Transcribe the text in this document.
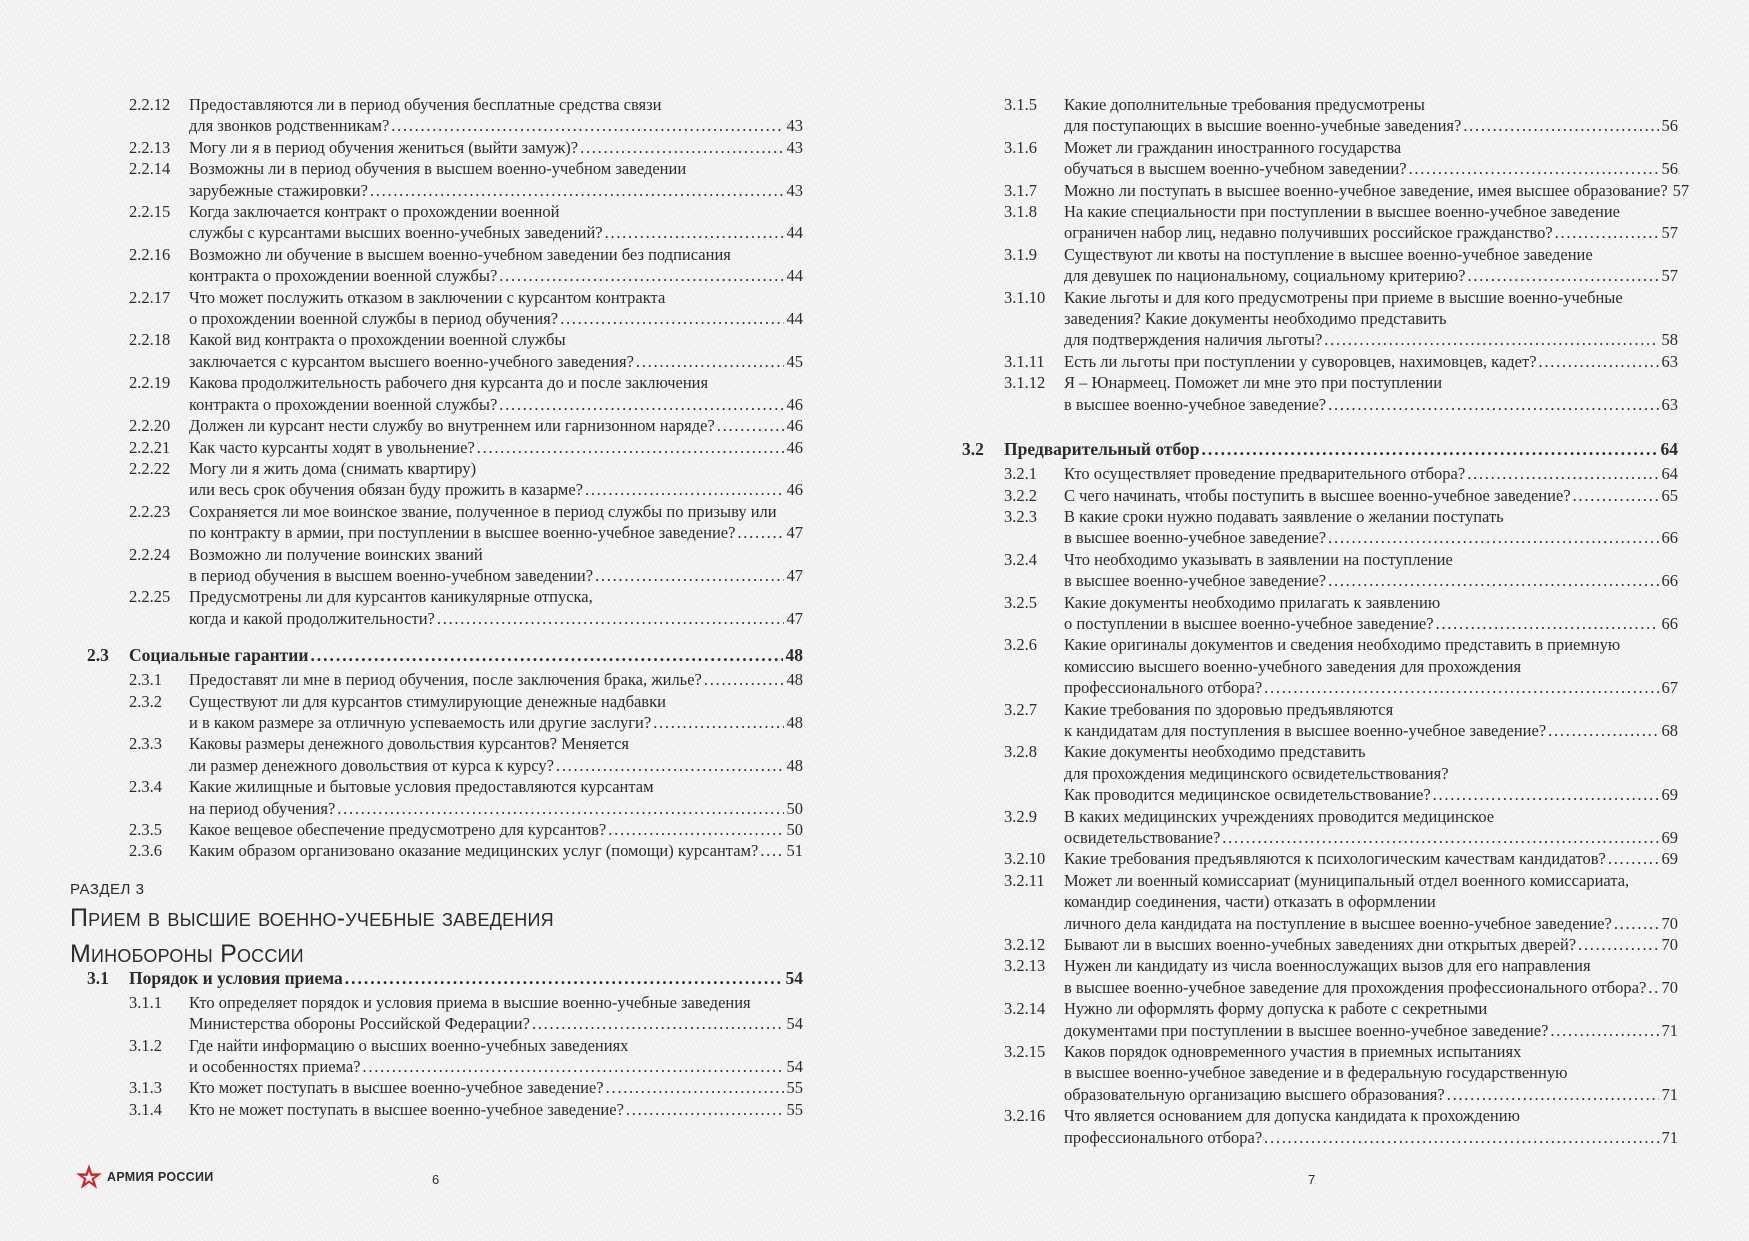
2.2.12	Предоставляются ли в период обучения бесплатные средства связи
для звонков родственникам? . . .	43
2.2.13	Могу ли я в период обучения жениться (выйти замуж)? . . .	43
2.2.14	Возможны ли в период обучения в высшем военно-учебном заведении
зарубежные стажировки? . . .	43
2.2.15	Когда заключается контракт о прохождении военной
службы с курсантами высших военно-учебных заведений? . . .	44
2.2.16	Возможно ли обучение в высшем военно-учебном заведении без подписания
контракта о прохождении военной службы? . . .	44
2.2.17	Что может послужить отказом в заключении с курсантом контракта
о прохождении военной службы в период обучения? . . .	44
2.2.18	Какой вид контракта о прохождении военной службы
заключается с курсантом высшего военно-учебного заведения? . . .	45
2.2.19	Какова продолжительность рабочего дня курсанта до и после заключения
контракта о прохождении военной службы? . . .	46
2.2.20	Должен ли курсант нести службу во внутреннем или гарнизонном наряде? . . .	46
2.2.21	Как часто курсанты ходят в увольнение? . . .	46
2.2.22	Могу ли я жить дома (снимать квартиру)
или весь срок обучения обязан буду прожить в казарме? . . .	46
2.2.23	Сохраняется ли мое воинское звание, полученное в период службы по призыву или
по контракту в армии, при поступлении в высшее военно-учебное заведение? . . .	47
2.2.24	Возможно ли получение воинских званий
в период обучения в высшем военно-учебном заведении? . . .	47
2.2.25	Предусмотрены ли для курсантов каникулярные отпуска,
когда и какой продолжительности? . . .	47
2.3	Социальные гарантии . . .	48
2.3.1	Предоставят ли мне в период обучения, после заключения брака, жилье? . . .	48
2.3.2	Существуют ли для курсантов стимулирующие денежные надбавки
и в каком размере за отличную успеваемость или другие заслуги? . . .	48
2.3.3	Каковы размеры денежного довольствия курсантов? Меняется
ли размер денежного довольствия от курса к курсу? . . .	48
2.3.4	Какие жилищные и бытовые условия предоставляются курсантам
на период обучения? . . .	50
2.3.5	Какое вещевое обеспечение предусмотрено для курсантов? . . .	50
2.3.6	Каким образом организовано оказание медицинских услуг (помощи) курсантам? . . . 51
РАЗДЕЛ 3
Прием в высшие военно-учебные заведения
Минобороны России
3.1	Порядок и условия приема . . .	54
3.1.1	Кто определяет порядок и условия приема в высшие военно-учебные заведения
Министерства обороны Российской Федерации? . . .	54
3.1.2	Где найти информацию о высших военно-учебных заведениях
и особенностях приема? . . .	54
3.1.3	Кто может поступать в высшее военно-учебное заведение? . . .	55
3.1.4	Кто не может поступать в высшее военно-учебное заведение? . . .	55
3.1.5	Какие дополнительные требования предусмотрены
для поступающих в высшие военно-учебные заведения? . . .	56
3.1.6	Может ли гражданин иностранного государства
обучаться в высшем военно-учебном заведении? . . .	56
3.1.7	Можно ли поступать в высшее военно-учебное заведение, имея высшее образование? 57
3.1.8	На какие специальности при поступлении в высшее военно-учебное заведение
ограничен набор лиц, недавно получивших российское гражданство? . . .	57
3.1.9	Существуют ли квоты на поступление в высшее военно-учебное заведение
для девушек по национальному, социальному критерию? . . .	57
3.1.10	Какие льготы и для кого предусмотрены при приеме в высшие военно-учебные
заведения? Какие документы необходимо представить
для подтверждения наличия льготы? . . .	58
3.1.11	Есть ли льготы при поступлении у суворовцев, нахимовцев, кадет? . . .	63
3.1.12	Я – Юнармеец. Поможет ли мне это при поступлении
в высшее военно-учебное заведение? . . .	63
3.2	Предварительный отбор . . .	64
3.2.1	Кто осуществляет проведение предварительного отбора? . . .	64
3.2.2	С чего начинать, чтобы поступить в высшее военно-учебное заведение? . . .	65
3.2.3	В какие сроки нужно подавать заявление о желании поступать
в высшее военно-учебное заведение? . . .	66
3.2.4	Что необходимо указывать в заявлении на поступление
в высшее военно-учебное заведение? . . .	66
3.2.5	Какие документы необходимо прилагать к заявлению
о поступлении в высшее военно-учебное заведение? . . .	66
3.2.6	Какие оригиналы документов и сведения необходимо представить в приемную
комиссию высшего военно-учебного заведения для прохождения
профессионального отбора? . . .	67
3.2.7	Какие требования по здоровью предъявляются
к кандидатам для поступления в высшее военно-учебное заведение? . . .	68
3.2.8	Какие документы необходимо представить
для прохождения медицинского освидетельствования?
Как проводится медицинское освидетельствование? . . .	69
3.2.9	В каких медицинских учреждениях проводится медицинское
освидетельствование? . . .	69
3.2.10	Какие требования предъявляются к психологическим качествам кандидатов? . . .	69
3.2.11	Может ли военный комиссариат (муниципальный отдел военного комиссариата,
командир соединения, части) отказать в оформлении
личного дела кандидата на поступление в высшее военно-учебное заведение? . . .	70
3.2.12	Бывают ли в высших военно-учебных заведениях дни открытых дверей? . . .	70
3.2.13	Нужен ли кандидату из числа военнослужащих вызов для его направления
в высшее военно-учебное заведение для прохождения профессионального отбора? . . . 70
3.2.14	Нужно ли оформлять форму допуска к работе с секретными
документами при поступлении в высшее военно-учебное заведение? . . .	71
3.2.15	Каков порядок одновременного участия в приемных испытаниях
в высшее военно-учебное заведение и в федеральную государственную
образовательную организацию высшего образования? . . .	71
3.2.16	Что является основанием для допуска кандидата к прохождению
профессионального отбора? . . .	71
АРМИЯ РОССИИ	6	7
